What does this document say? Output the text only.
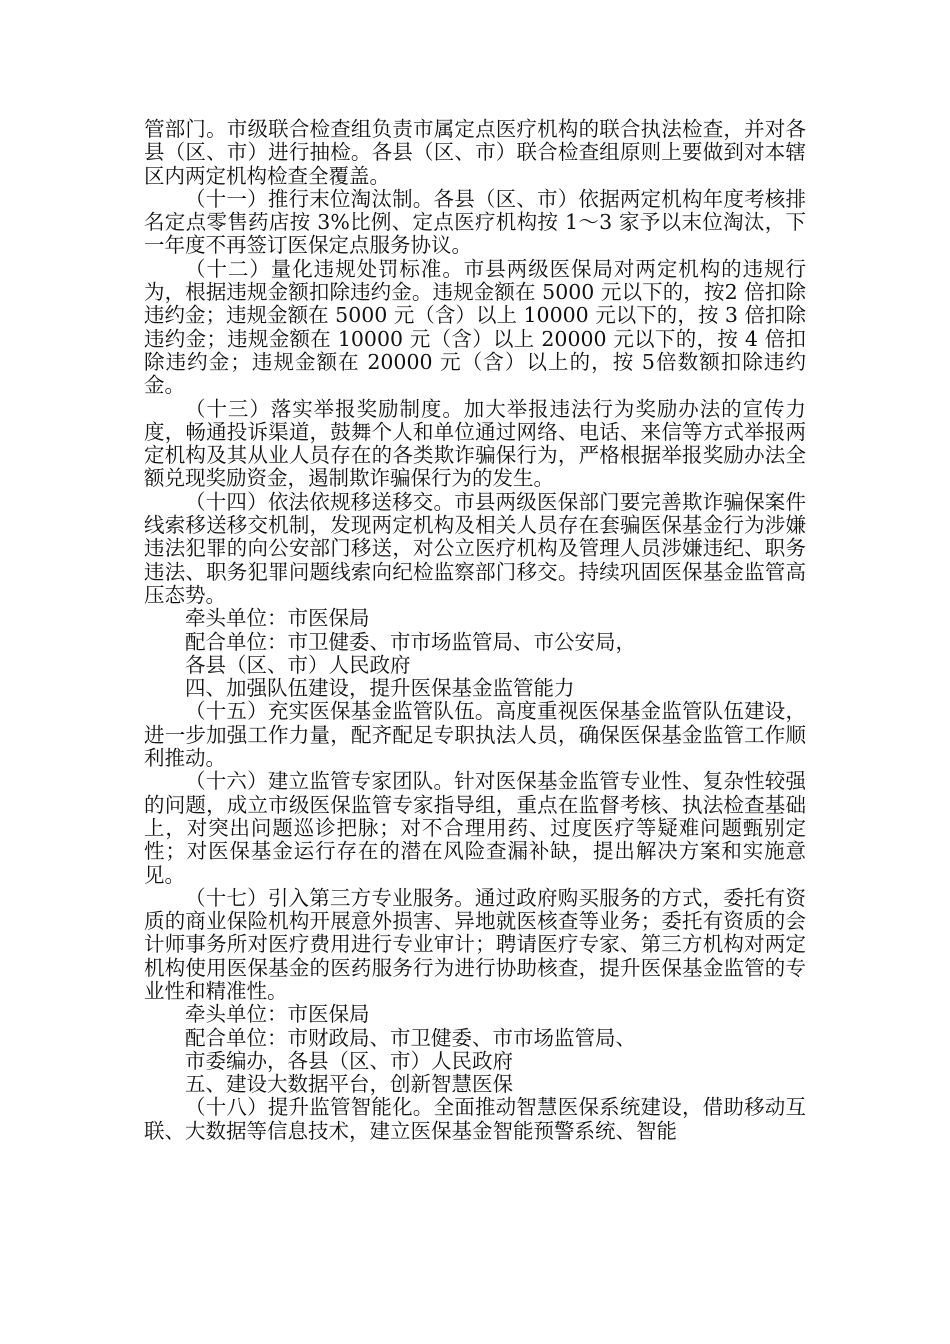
管部门。市级联合检查组负责市属定点医疗机构的联合执法检查，并对各县（区、市）进行抽检。各县（区、市）联合检查组原则上要做到对本辖区内两定机构检查全覆盖。

（十一）推行末位淘汰制。各县（区、市）依据两定机构年度考核排名定点零售药店按 3%比例、定点医疗机构按 1～3 家予以末位淘汰，下一年度不再签订医保定点服务协议。

（十二）量化违规处罚标准。市县两级医保局对两定机构的违规行为，根据违规金额扣除违约金。违规金额在 5000 元以下的，按2 倍扣除违约金；违规金额在 5000 元（含）以上 10000 元以下的，按 3 倍扣除违约金；违规金额在 10000 元（含）以上 20000 元以下的，按 4 倍扣除违约金；违规金额在 20000 元（含）以上的，按 5倍数额扣除违约金。

（十三）落实举报奖励制度。加大举报违法行为奖励办法的宣传力度，畅通投诉渠道，鼓舞个人和单位通过网络、电话、来信等方式举报两定机构及其从业人员存在的各类欺诈骗保行为，严格根据举报奖励办法全额兑现奖励资金，遏制欺诈骗保行为的发生。

（十四）依法依规移送移交。市县两级医保部门要完善欺诈骗保案件线索移送移交机制，发现两定机构及相关人员存在套骗医保基金行为涉嫌违法犯罪的向公安部门移送，对公立医疗机构及管理人员涉嫌违纪、职务违法、职务犯罪问题线索向纪检监察部门移交。持续巩固医保基金监管高压态势。

牵头单位：市医保局

配合单位：市卫健委、市市场监管局、市公安局，

各县（区、市）人民政府

四、加强队伍建设，提升医保基金监管能力

（十五）充实医保基金监管队伍。高度重视医保基金监管队伍建设，进一步加强工作力量，配齐配足专职执法人员，确保医保基金监管工作顺利推动。

（十六）建立监管专家团队。针对医保基金监管专业性、复杂性较强的问题，成立市级医保监管专家指导组，重点在监督考核、执法检查基础上，对突出问题巡诊把脉；对不合理用药、过度医疗等疑难问题甄别定性；对医保基金运行存在的潜在风险查漏补缺，提出解决方案和实施意见。

（十七）引入第三方专业服务。通过政府购买服务的方式，委托有资质的商业保险机构开展意外损害、异地就医核查等业务；委托有资质的会计师事务所对医疗费用进行专业审计；聘请医疗专家、第三方机构对两定机构使用医保基金的医药服务行为进行协助核查，提升医保基金监管的专业性和精准性。

牵头单位：市医保局

配合单位：市财政局、市卫健委、市市场监管局、

市委编办，各县（区、市）人民政府

五、建设大数据平台，创新智慧医保

（十八）提升监管智能化。全面推动智慧医保系统建设，借助移动互联、大数据等信息技术，建立医保基金智能预警系统、智能
